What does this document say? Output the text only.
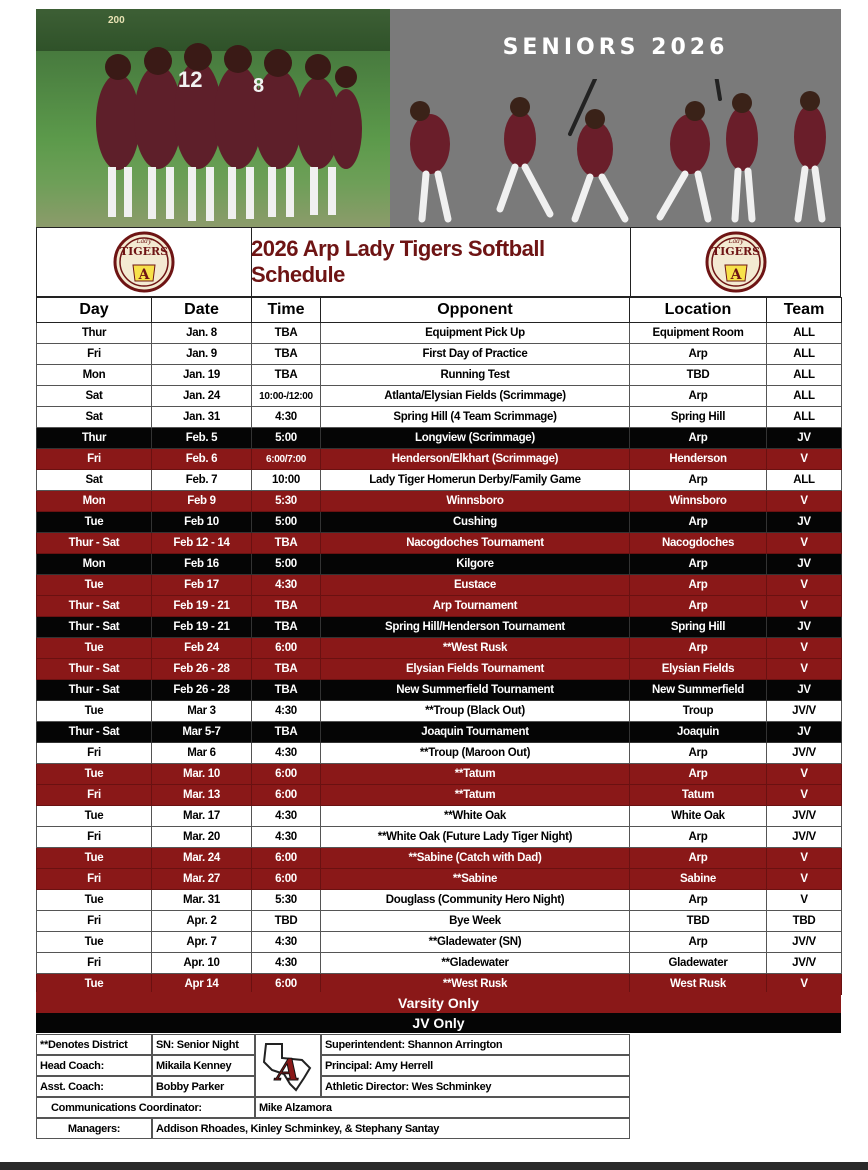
200
12	8
SENIORS 2026
Lady
TIGERS
A
2026 Arp Lady Tigers Softball Schedule
Lady
TIGERS
A
Day	Date	Time	Opponent	Location	Team
Thur	Jan. 8	TBA	Equipment Pick Up	Equipment Room	ALL
Fri	Jan. 9	TBA	First Day of Practice	Arp	ALL
Mon	Jan. 19	TBA	Running Test	TBD	ALL
Sat	Jan. 24	10:00-/12:00	Atlanta/Elysian Fields (Scrimmage)	Arp	ALL
Sat	Jan. 31	4:30	Spring Hill (4 Team Scrimmage)	Spring Hill	ALL
Thur	Feb. 5	5:00	Longview (Scrimmage)	Arp	JV
Fri	Feb. 6	6:00/7:00	Henderson/Elkhart (Scrimmage)	Henderson	V
Sat	Feb. 7	10:00	Lady Tiger Homerun Derby/Family Game	Arp	ALL
Mon	Feb 9	5:30	Winnsboro	Winnsboro	V
Tue	Feb 10	5:00	Cushing	Arp	JV
Thur - Sat	Feb 12 - 14	TBA	Nacogdoches Tournament	Nacogdoches	V
Mon	Feb 16	5:00	Kilgore	Arp	JV
Tue	Feb 17	4:30	Eustace	Arp	V
Thur - Sat	Feb 19 - 21	TBA	Arp Tournament	Arp	V
Thur - Sat	Feb 19 - 21	TBA	Spring Hill/Henderson Tournament	Spring Hill	JV
Tue	Feb 24	6:00	**West Rusk	Arp	V
Thur - Sat	Feb 26 - 28	TBA	Elysian Fields Tournament	Elysian Fields	V
Thur - Sat	Feb 26 - 28	TBA	New Summerfield Tournament	New Summerfield	JV
Tue	Mar 3	4:30	**Troup (Black Out)	Troup	JV/V
Thur - Sat	Mar 5-7	TBA	Joaquin Tournament	Joaquin	JV
Fri	Mar 6	4:30	**Troup (Maroon Out)	Arp	JV/V
Tue	Mar. 10	6:00	**Tatum	Arp	V
Fri	Mar. 13	6:00	**Tatum	Tatum	V
Tue	Mar. 17	4:30	**White Oak	White Oak	JV/V
Fri	Mar. 20	4:30	**White Oak (Future Lady Tiger Night)	Arp	JV/V
Tue	Mar. 24	6:00	**Sabine (Catch with Dad)	Arp	V
Fri	Mar. 27	6:00	**Sabine	Sabine	V
Tue	Mar. 31	5:30	Douglass (Community Hero Night)	Arp	V
Fri	Apr. 2	TBD	Bye Week	TBD	TBD
Tue	Apr. 7	4:30	**Gladewater (SN)	Arp	JV/V
Fri	Apr. 10	4:30	**Gladewater	Gladewater	JV/V
Tue	Apr 14	6:00	**West Rusk	West Rusk	V
Varsity Only
JV Only
**Denotes District	SN: Senior Night
Head Coach:	Mikaila Kenney
Asst. Coach:	Bobby Parker	A
Superintendent: Shannon Arrington
Principal: Amy Herrell
Athletic Director: Wes Schminkey
Communications Coordinator:	Mike Alzamora
Managers:	Addison Rhoades, Kinley Schminkey, & Stephany Santay
